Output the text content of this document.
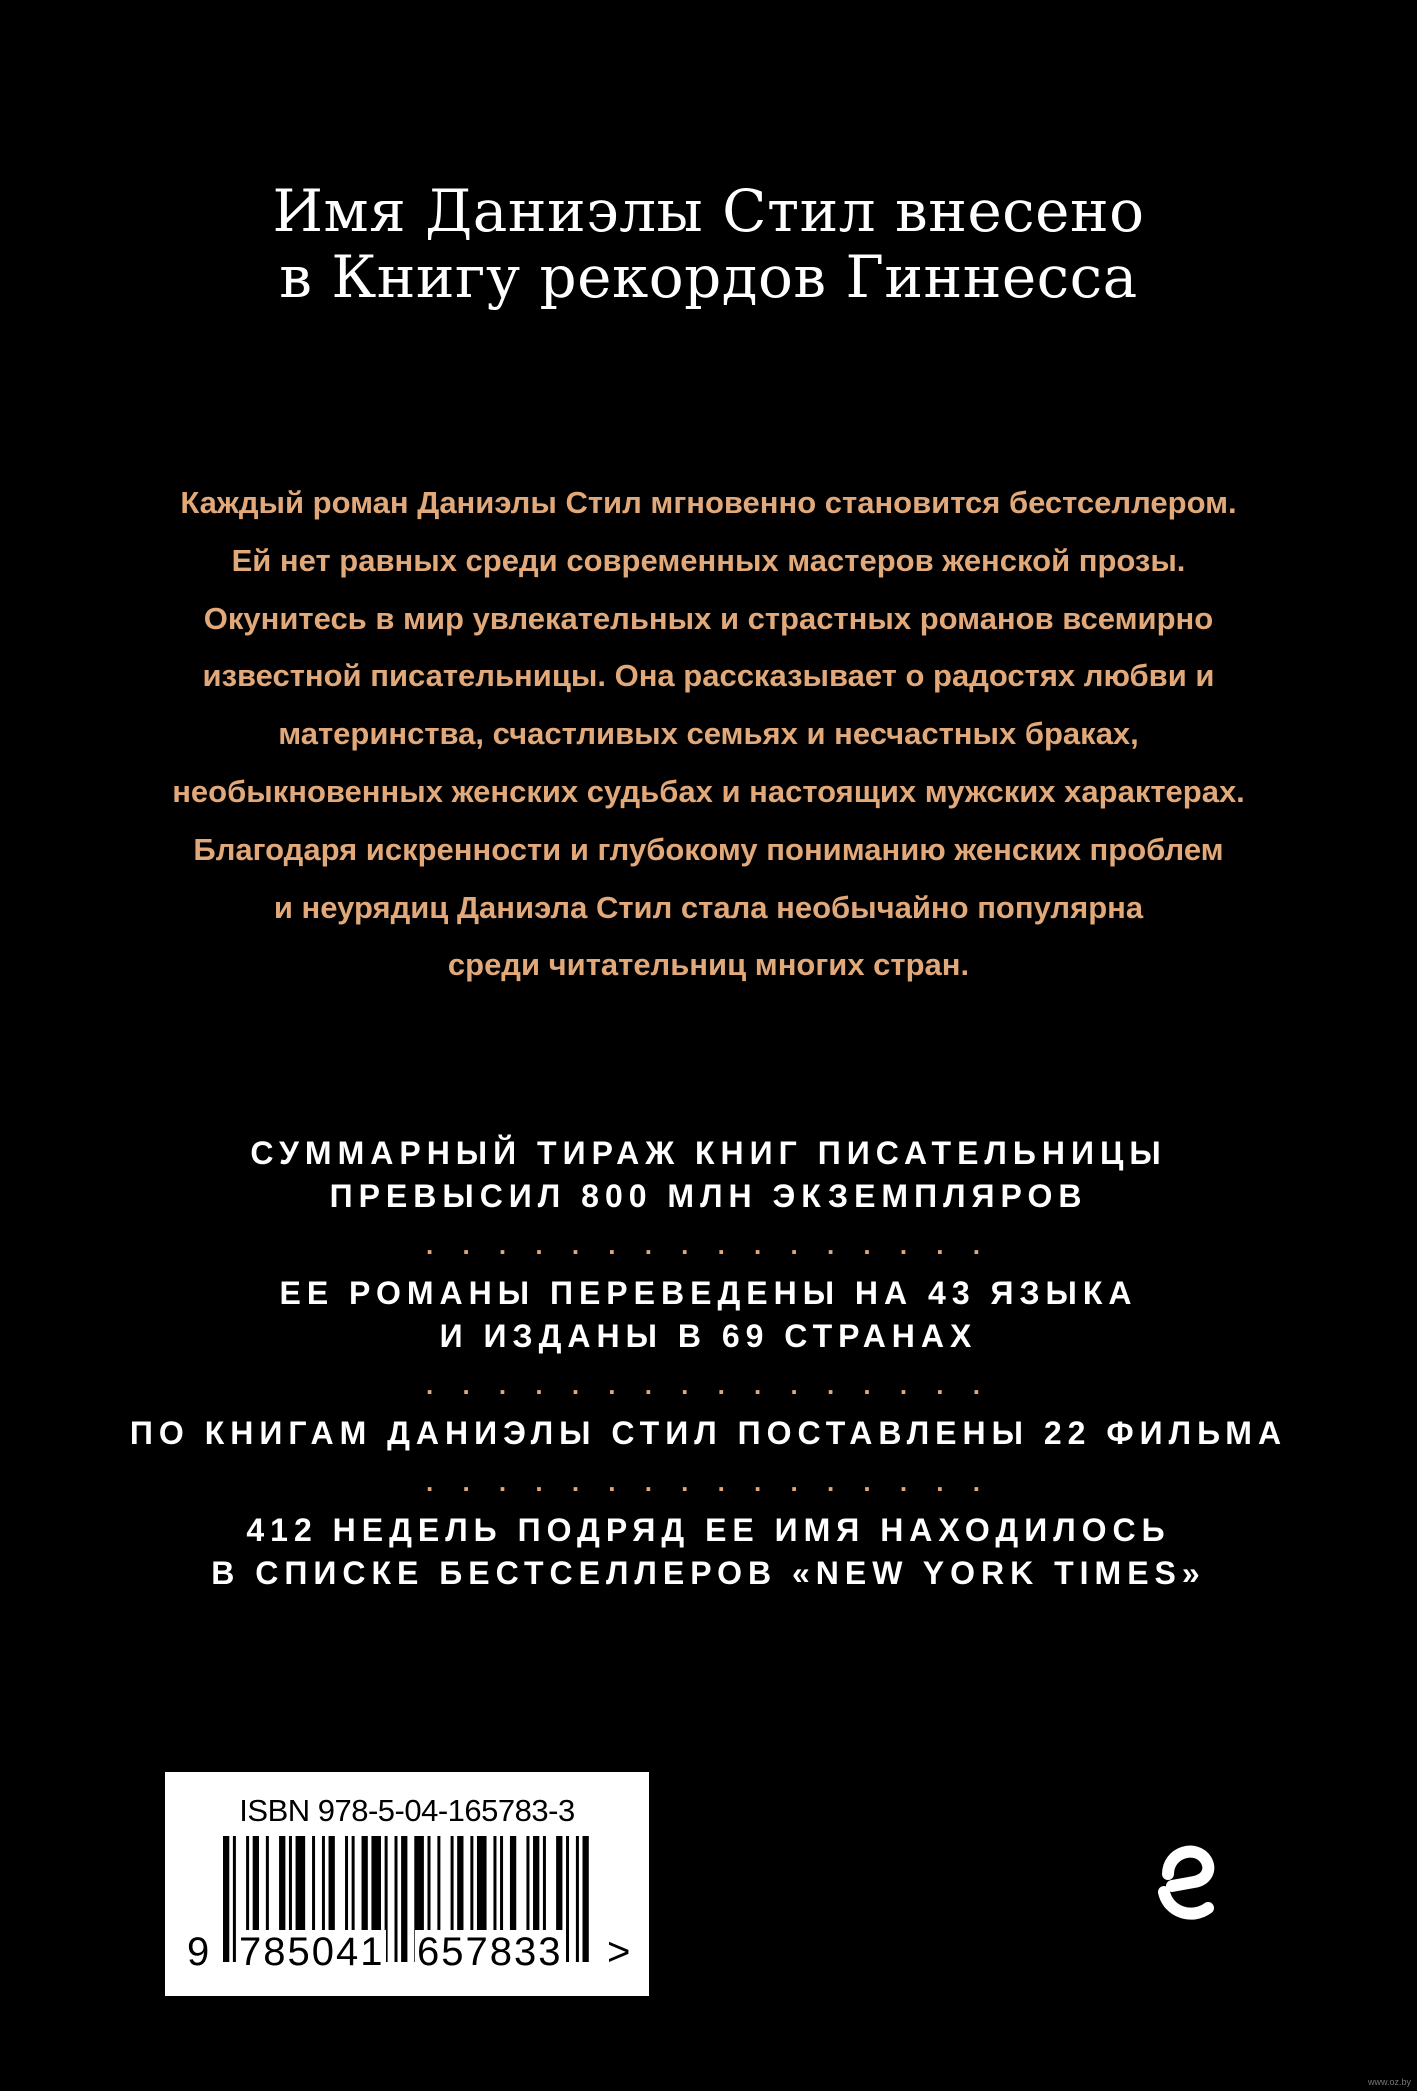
Имя Даниэлы Стил внесено
в Книгу рекордов Гиннесса
Каждый роман Даниэлы Стил мгновенно становится бестселлером.
Ей нет равных среди современных мастеров женской прозы.
Окунитесь в мир увлекательных и страстных романов всемирно
известной писательницы. Она рассказывает о радостях любви и
материнства, счастливых семьях и несчастных браках,
необыкновенных женских судьбах и настоящих мужских характерах.
Благодаря искренности и глубокому пониманию женских проблем
и неурядиц Даниэла Стил стала необычайно популярна
среди читательниц многих стран.
СУММАРНЫЙ ТИРАЖ КНИГ ПИСАТЕЛЬНИЦЫ
ПРЕВЫСИЛ 800 МЛН ЭКЗЕМПЛЯРОВ
. . . . . . . . . . . . . . . .
ЕЕ РОМАНЫ ПЕРЕВЕДЕНЫ НА 43 ЯЗЫКА
И ИЗДАНЫ В 69 СТРАНАХ
. . . . . . . . . . . . . . . .
ПО КНИГАМ ДАНИЭЛЫ СТИЛ ПОСТАВЛЕНЫ 22 ФИЛЬМА
. . . . . . . . . . . . . . . .
412 НЕДЕЛЬ ПОДРЯД ЕЕ ИМЯ НАХОДИЛОСЬ
В СПИСКЕ БЕСТСЕЛЛЕРОВ «NEW YORK TIMES»
ISBN 978-5-04-165783-3
9 785041 657833 >
www.oz.by
